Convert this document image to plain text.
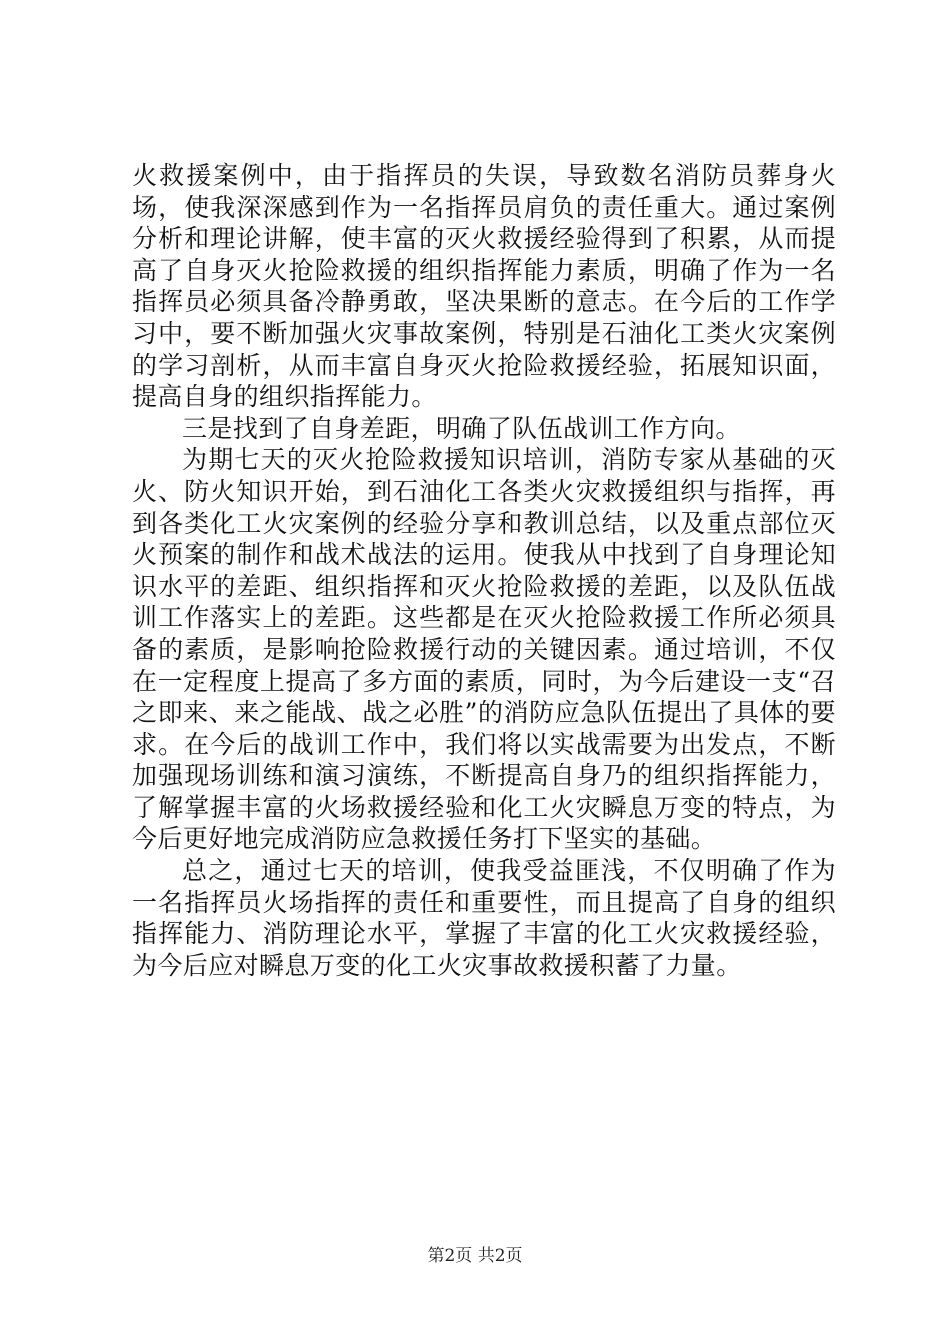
火救援案例中，由于指挥员的失误，导致数名消防员葬身火场，使我深深感到作为一名指挥员肩负的责任重大。通过案例分析和理论讲解，使丰富的灭火救援经验得到了积累，从而提高了自身灭火抢险救援的组织指挥能力素质，明确了作为一名指挥员必须具备冷静勇敢，坚决果断的意志。在今后的工作学习中，要不断加强火灾事故案例，特别是石油化工类火灾案例的学习剖析，从而丰富自身灭火抢险救援经验，拓展知识面，提高自身的组织指挥能力。

三是找到了自身差距，明确了队伍战训工作方向。

为期七天的灭火抢险救援知识培训，消防专家从基础的灭火、防火知识开始，到石油化工各类火灾救援组织与指挥，再到各类化工火灾案例的经验分享和教训总结，以及重点部位灭火预案的制作和战术战法的运用。使我从中找到了自身理论知识水平的差距、组织指挥和灭火抢险救援的差距，以及队伍战训工作落实上的差距。这些都是在灭火抢险救援工作所必须具备的素质，是影响抢险救援行动的关键因素。通过培训，不仅在一定程度上提高了多方面的素质，同时，为今后建设一支“召之即来、来之能战、战之必胜”的消防应急队伍提出了具体的要求。在今后的战训工作中，我们将以实战需要为出发点，不断加强现场训练和演习演练，不断提高自身乃的组织指挥能力，了解掌握丰富的火场救援经验和化工火灾瞬息万变的特点，为今后更好地完成消防应急救援任务打下坚实的基础。

总之，通过七天的培训，使我受益匪浅，不仅明确了作为一名指挥员火场指挥的责任和重要性，而且提高了自身的组织指挥能力、消防理论水平，掌握了丰富的化工火灾救援经验，为今后应对瞬息万变的化工火灾事故救援积蓄了力量。

第2页 共2页
